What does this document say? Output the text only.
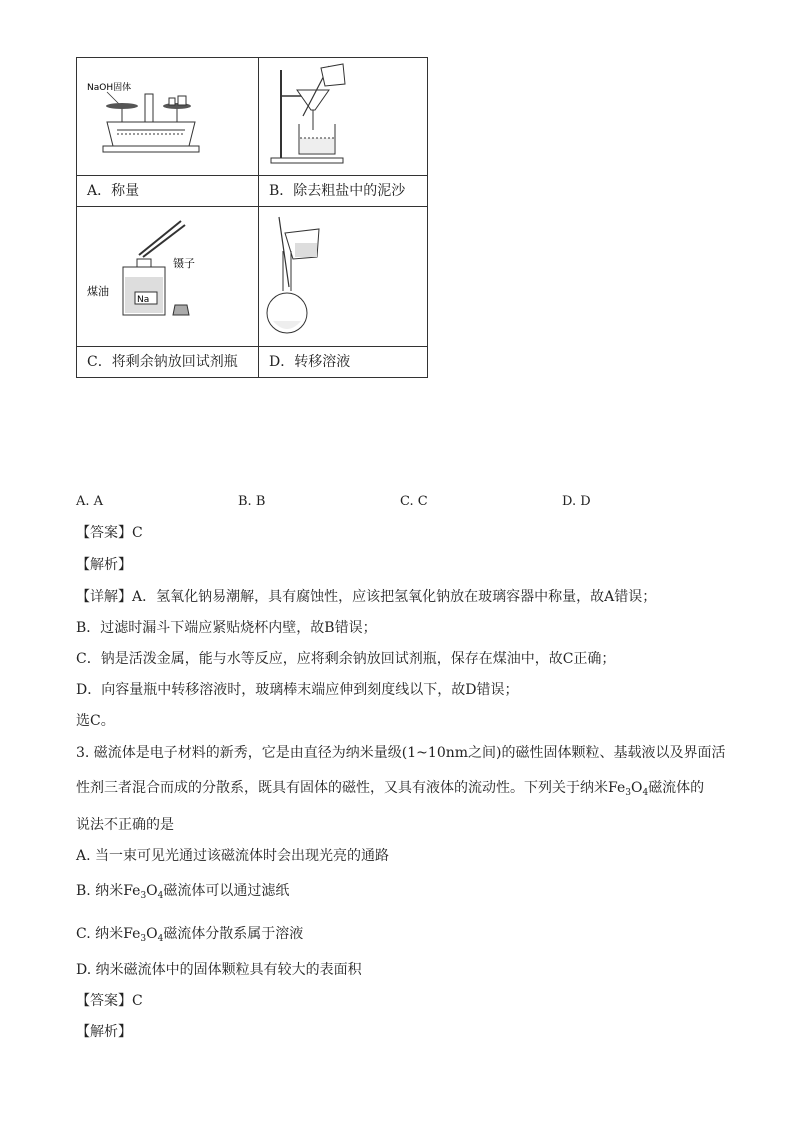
NaOH固体

A．称量	B．除去粗盐中的泥沙

镊子
Na
煤油

C．将剩余钠放回试剂瓶	D．转移溶液
A. A	B. B	C. C	D. D
【答案】C
【解析】
【详解】A．氢氧化钠易潮解，具有腐蚀性，应该把氢氧化钠放在玻璃容器中称量，故A错误；
B．过滤时漏斗下端应紧贴烧杯内壁，故B错误；
C．钠是活泼金属，能与水等反应，应将剩余钠放回试剂瓶，保存在煤油中，故C正确；
D．向容量瓶中转移溶液时，玻璃棒末端应伸到刻度线以下，故D错误；
选C。
3. 磁流体是电子材料的新秀，它是由直径为纳米量级(1~10nm之间)的磁性固体颗粒、基载液以及界面活
性剂三者混合而成的分散系，既具有固体的磁性，又具有液体的流动性。下列关于纳米$Fe_3O_4$磁流体的
说法不正确的是
A. 当一束可见光通过该磁流体时会出现光亮的通路
B. 纳米$Fe_3O_4$磁流体可以通过滤纸
C. 纳米$Fe_3O_4$磁流体分散系属于溶液
D. 纳米磁流体中的固体颗粒具有较大的表面积
【答案】C
【解析】
